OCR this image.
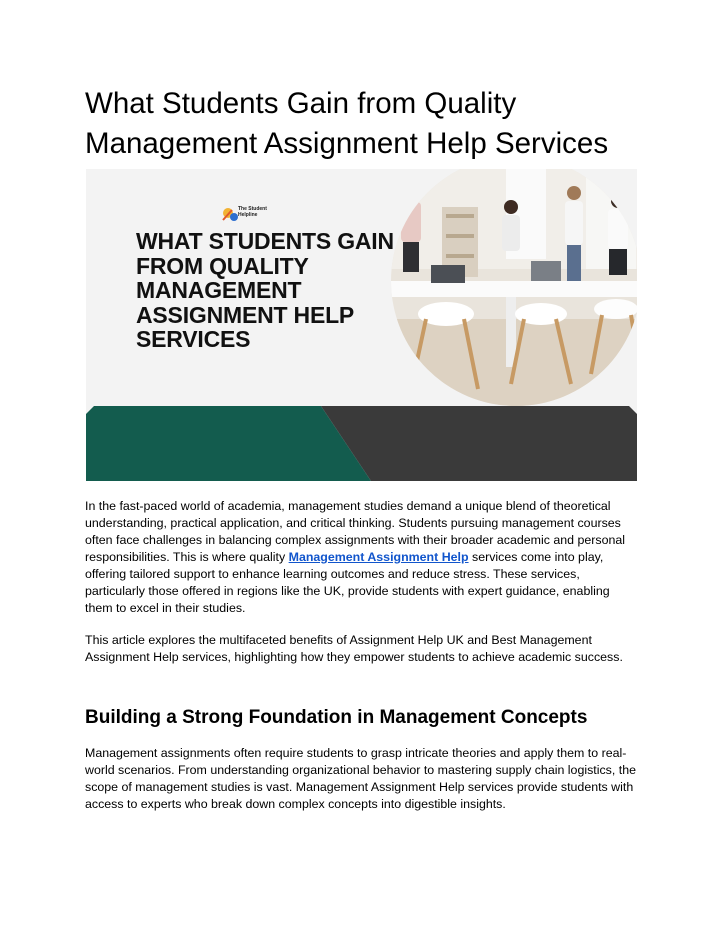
What Students Gain from Quality Management Assignment Help Services
The Student Helpline
WHAT STUDENTS GAIN FROM QUALITY MANAGEMENT ASSIGNMENT HELP SERVICES

In the fast-paced world of academia, management studies demand a unique blend of theoretical understanding, practical application, and critical thinking. Students pursuing management courses often face challenges in balancing complex assignments with their broader academic and personal responsibilities. This is where quality Management Assignment Help services come into play, offering tailored support to enhance learning outcomes and reduce stress. These services, particularly those offered in regions like the UK, provide students with expert guidance, enabling them to excel in their studies.

This article explores the multifaceted benefits of Assignment Help UK and Best Management Assignment Help services, highlighting how they empower students to achieve academic success.

Building a Strong Foundation in Management Concepts

Management assignments often require students to grasp intricate theories and apply them to real-world scenarios. From understanding organizational behavior to mastering supply chain logistics, the scope of management studies is vast. Management Assignment Help services provide students with access to experts who break down complex concepts into digestible insights.
